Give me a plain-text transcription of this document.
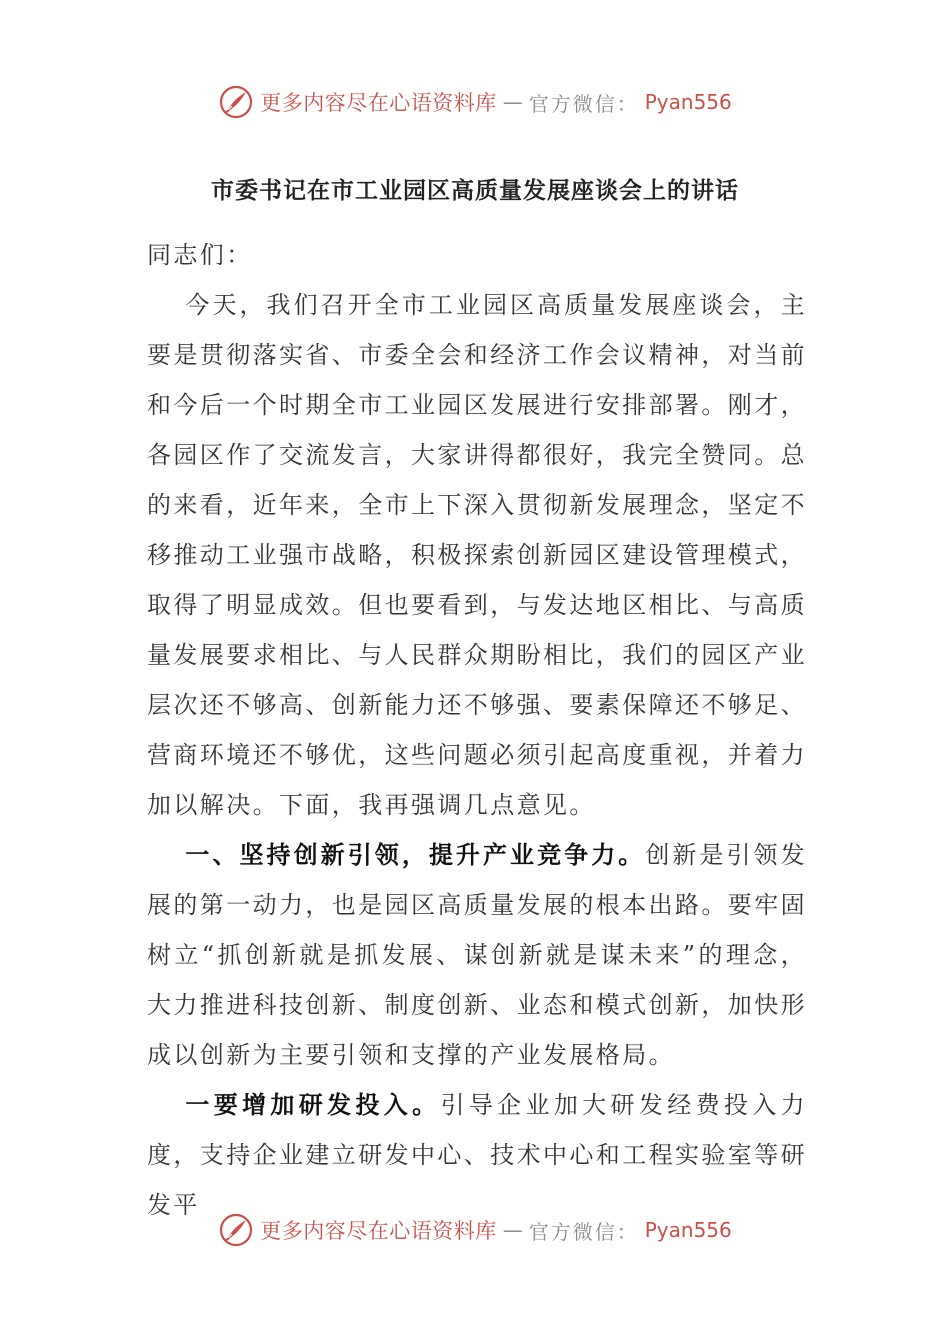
更多内容尽在心语资料库 — 官方微信： Pyan556
市委书记在市工业园区高质量发展座谈会上的讲话

同志们：

今天，我们召开全市工业园区高质量发展座谈会，主要是贯彻落实省、市委全会和经济工作会议精神，对当前和今后一个时期全市工业园区发展进行安排部署。刚才，各园区作了交流发言，大家讲得都很好，我完全赞同。总的来看，近年来，全市上下深入贯彻新发展理念，坚定不移推动工业强市战略，积极探索创新园区建设管理模式，取得了明显成效。但也要看到，与发达地区相比、与高质量发展要求相比、与人民群众期盼相比，我们的园区产业层次还不够高、创新能力还不够强、要素保障还不够足、营商环境还不够优，这些问题必须引起高度重视，并着力加以解决。下面，我再强调几点意见。

一、坚持创新引领，提升产业竞争力。创新是引领发展的第一动力，也是园区高质量发展的根本出路。要牢固树立“抓创新就是抓发展、谋创新就是谋未来”的理念，大力推进科技创新、制度创新、业态和模式创新，加快形成以创新为主要引领和支撑的产业发展格局。

一要增加研发投入。引导企业加大研发经费投入力度，支持企业建立研发中心、技术中心和工程实验室等研发平

更多内容尽在心语资料库 — 官方微信： Pyan556
